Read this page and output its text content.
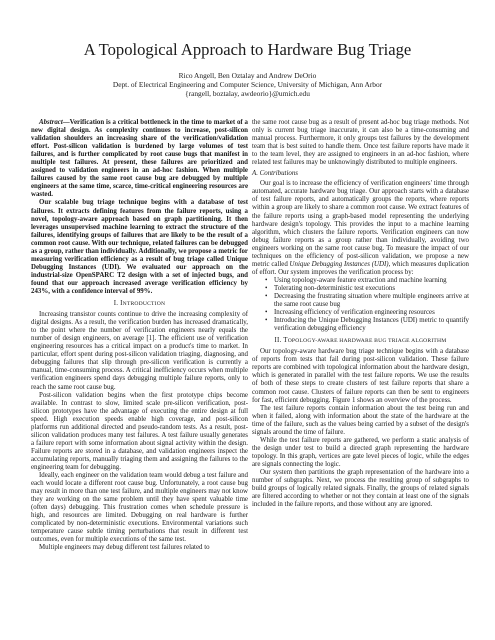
A Topological Approach to Hardware Bug Triage
Rico Angell, Ben Oztalay and Andrew DeOrio
Dept. of Electrical Engineering and Computer Science, University of Michigan, Ann Arbor
{rangell, boztalay, awdeorio}@umich.edu

Abstract—Verification is a critical bottleneck in the time to market of a new digital design. As complexity continues to increase, post-silicon validation shoulders an increasing share of the verification/validation effort. Post-silicon validation is burdened by large volumes of test failures, and is further complicated by root cause bugs that manifest in multiple test failures. At present, these failures are prioritized and assigned to validation engineers in an ad-hoc fashion. When multiple failures caused by the same root cause bug are debugged by multiple engineers at the same time, scarce, time-critical engineering resources are wasted.

Our scalable bug triage technique begins with a database of test failures. It extracts defining features from the failure reports, using a novel, topology-aware approach based on graph partitioning. It then leverages unsupervised machine learning to extract the structure of the failures, identifying groups of failures that are likely to be the result of a common root cause. With our technique, related failures can be debugged as a group, rather than individually. Additionally, we propose a metric for measuring verification efficiency as a result of bug triage called Unique Debugging Instances (UDI). We evaluated our approach on the industrial-size OpenSPARC T2 design with a set of injected bugs, and found that our approach increased average verification efficiency by 243%, with a confidence interval of 99%.

I. INTRODUCTION

Increasing transistor counts continue to drive the increasing complexity of digital designs. As a result, the verification burden has increased dramatically, to the point where the number of verification engineers nearly equals the number of design engineers, on average [1]. The efficient use of verification engineering resources has a critical impact on a product's time to market. In particular, effort spent during post-silicon validation triaging, diagnosing, and debugging failures that slip through pre-silicon verification is currently a manual, time-consuming process. A critical inefficiency occurs when multiple verification engineers spend days debugging multiple failure reports, only to reach the same root cause bug.

Post-silicon validation begins when the first prototype chips become available. In contrast to slow, limited scale pre-silicon verification, post-silicon prototypes have the advantage of executing the entire design at full speed. High execution speeds enable high coverage, and post-silicon platforms run additional directed and pseudo-random tests. As a result, post-silicon validation produces many test failures. A test failure usually generates a failure report with some information about signal activity within the design. Failure reports are stored in a database, and validation engineers inspect the accumulating reports, manually triaging them and assigning the failures to the engineering team for debugging.

Ideally, each engineer on the validation team would debug a test failure and each would locate a different root cause bug. Unfortunately, a root cause bug may result in more than one test failure, and multiple engineers may not know they are working on the same problem until they have spent valuable time (often days) debugging. This frustration comes when schedule pressure is high, and resources are limited. Debugging on real hardware is further complicated by non-deterministic executions. Environmental variations such temperature cause subtle timing perturbations that result in different test outcomes, even for multiple executions of the same test.

Multiple engineers may debug different test failures related to

the same root cause bug as a result of present ad-hoc bug triage methods. Not only is current bug triage inaccurate, it can also be a time-consuming and manual process. Furthermore, it only groups test failures by the development team that is best suited to handle them. Once test failure reports have made it to the team level, they are assigned to engineers in an ad-hoc fashion, where related test failures may be unknowingly distributed to multiple engineers.

A. Contributions

Our goal is to increase the efficiency of verification engineers' time through automated, accurate hardware bug triage. Our approach starts with a database of test failure reports, and automatically groups the reports, where reports within a group are likely to share a common root cause. We extract features of the failure reports using a graph-based model representing the underlying hardware design's topology. This provides the input to a machine learning algorithm, which clusters the failure reports. Verification engineers can now debug failure reports as a group rather than individually, avoiding two engineers working on the same root cause bug. To measure the impact of our techniques on the efficiency of post-silicon validation, we propose a new metric called Unique Debugging Instances (UDI), which measures duplication of effort. Our system improves the verification process by:

• Using topology-aware feature extraction and machine learning
• Tolerating non-deterministic test executions
• Decreasing the frustrating situation where multiple engineers arrive at the same root cause bug
• Increasing efficiency of verification engineering resources
• Introducing the Unique Debugging Instances (UDI) metric to quantify verification debugging efficiency
II. TOPOLOGY-AWARE HARDWARE BUG TRIAGE ALGORITHM

Our topology-aware hardware bug triage technique begins with a database of reports from tests that fail during post-silicon validation. These failure reports are combined with topological information about the hardware design, which is generated in parallel with the test failure reports. We use the results of both of these steps to create clusters of test failure reports that share a common root cause. Clusters of failure reports can then be sent to engineers for fast, efficient debugging. Figure 1 shows an overview of the process.

The test failure reports contain information about the test being run and when it failed, along with information about the state of the hardware at the time of the failure, such as the values being carried by a subset of the design's signals around the time of failure.

While the test failure reports are gathered, we perform a static analysis of the design under test to build a directed graph representing the hardware topology. In this graph, vertices are gate level pieces of logic, while the edges are signals connecting the logic.

Our system then partitions the graph representation of the hardware into a number of subgraphs. Next, we process the resulting group of subgraphs to build groups of logically related signals. Finally, the groups of related signals are filtered according to whether or not they contain at least one of the signals included in the failure reports, and those without any are ignored.
